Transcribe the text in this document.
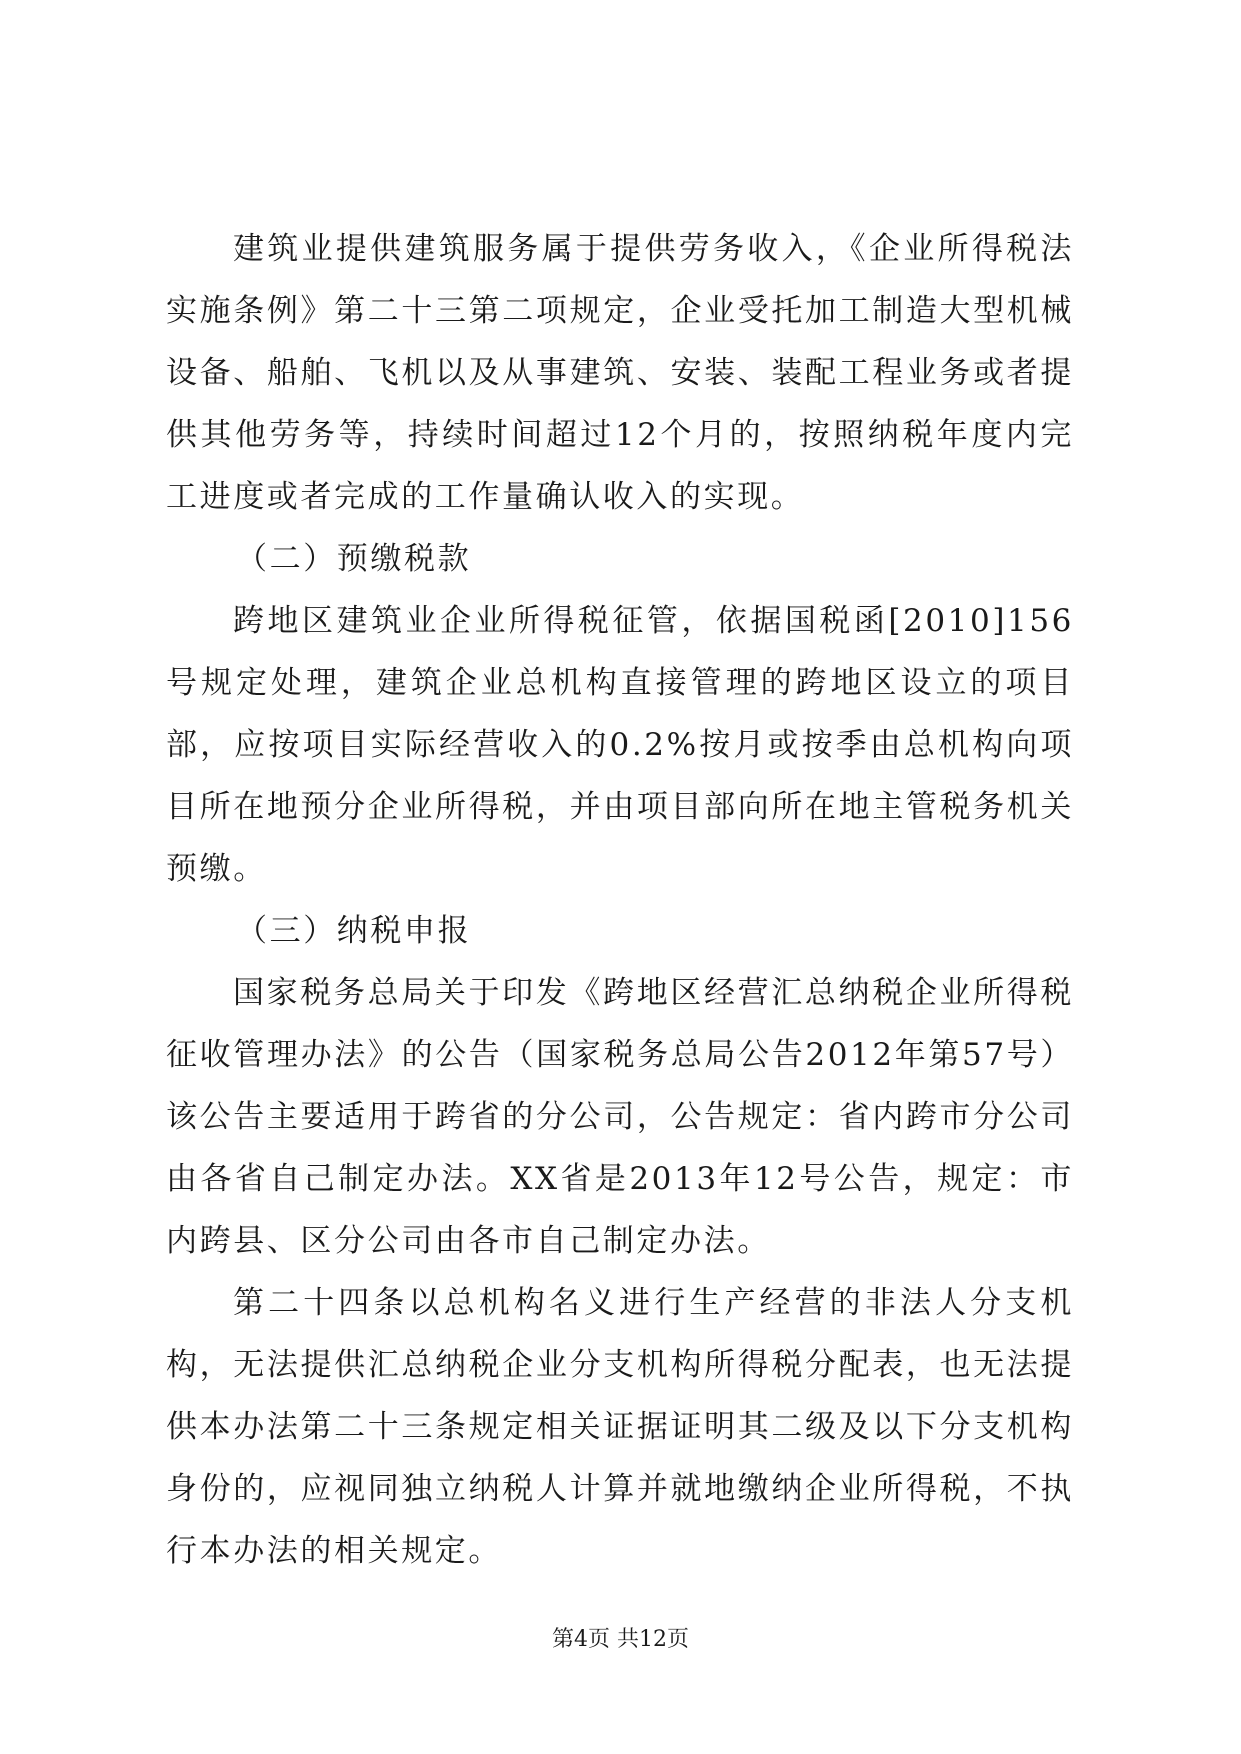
建筑业提供建筑服务属于提供劳务收入，《企业所得税法实施条例》第二十三第二项规定，企业受托加工制造大型机械设备、船舶、飞机以及从事建筑、安装、装配工程业务或者提供其他劳务等，持续时间超过12个月的，按照纳税年度内完工进度或者完成的工作量确认收入的实现。

（二）预缴税款

跨地区建筑业企业所得税征管，依据国税函[2010]156号规定处理，建筑企业总机构直接管理的跨地区设立的项目部，应按项目实际经营收入的0.2%按月或按季由总机构向项目所在地预分企业所得税，并由项目部向所在地主管税务机关预缴。

（三）纳税申报

国家税务总局关于印发《跨地区经营汇总纳税企业所得税征收管理办法》的公告（国家税务总局公告2012年第57号）该公告主要适用于跨省的分公司，公告规定：省内跨市分公司由各省自己制定办法。XX省是2013年12号公告，规定：市内跨县、区分公司由各市自己制定办法。

第二十四条以总机构名义进行生产经营的非法人分支机构，无法提供汇总纳税企业分支机构所得税分配表，也无法提供本办法第二十三条规定相关证据证明其二级及以下分支机构身份的，应视同独立纳税人计算并就地缴纳企业所得税，不执行本办法的相关规定。

第4页 共12页
